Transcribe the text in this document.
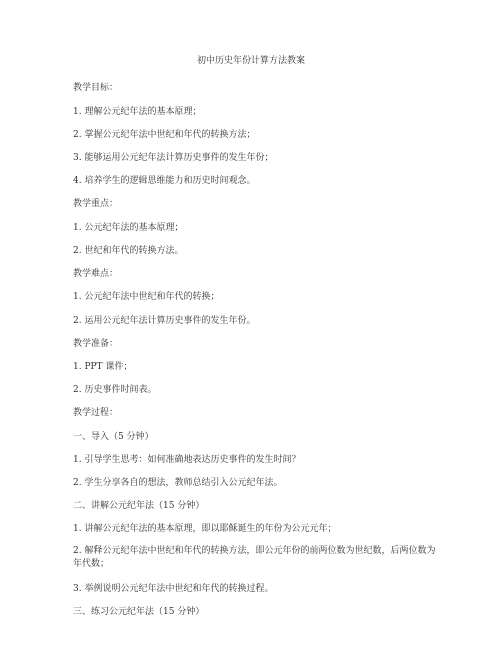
初中历史年份计算方法教案
教学目标：
1. 理解公元纪年法的基本原理；
2. 掌握公元纪年法中世纪和年代的转换方法；
3. 能够运用公元纪年法计算历史事件的发生年份；
4. 培养学生的逻辑思维能力和历史时间观念。
教学重点：
1. 公元纪年法的基本原理；
2. 世纪和年代的转换方法。
教学难点：
1. 公元纪年法中世纪和年代的转换；
2. 运用公元纪年法计算历史事件的发生年份。
教学准备：
1. PPT 课件；
2. 历史事件时间表。
教学过程：
一、导入（5 分钟）
1. 引导学生思考：如何准确地表达历史事件的发生时间？
2. 学生分享各自的想法，教师总结引入公元纪年法。
二、讲解公元纪年法（15 分钟）
1. 讲解公元纪年法的基本原理，即以耶稣诞生的年份为公元元年；
2. 解释公元纪年法中世纪和年代的转换方法，即公元年份的前两位数为世纪数，后两位数为年代数；
3. 举例说明公元纪年法中世纪和年代的转换过程。
三、练习公元纪年法（15 分钟）
